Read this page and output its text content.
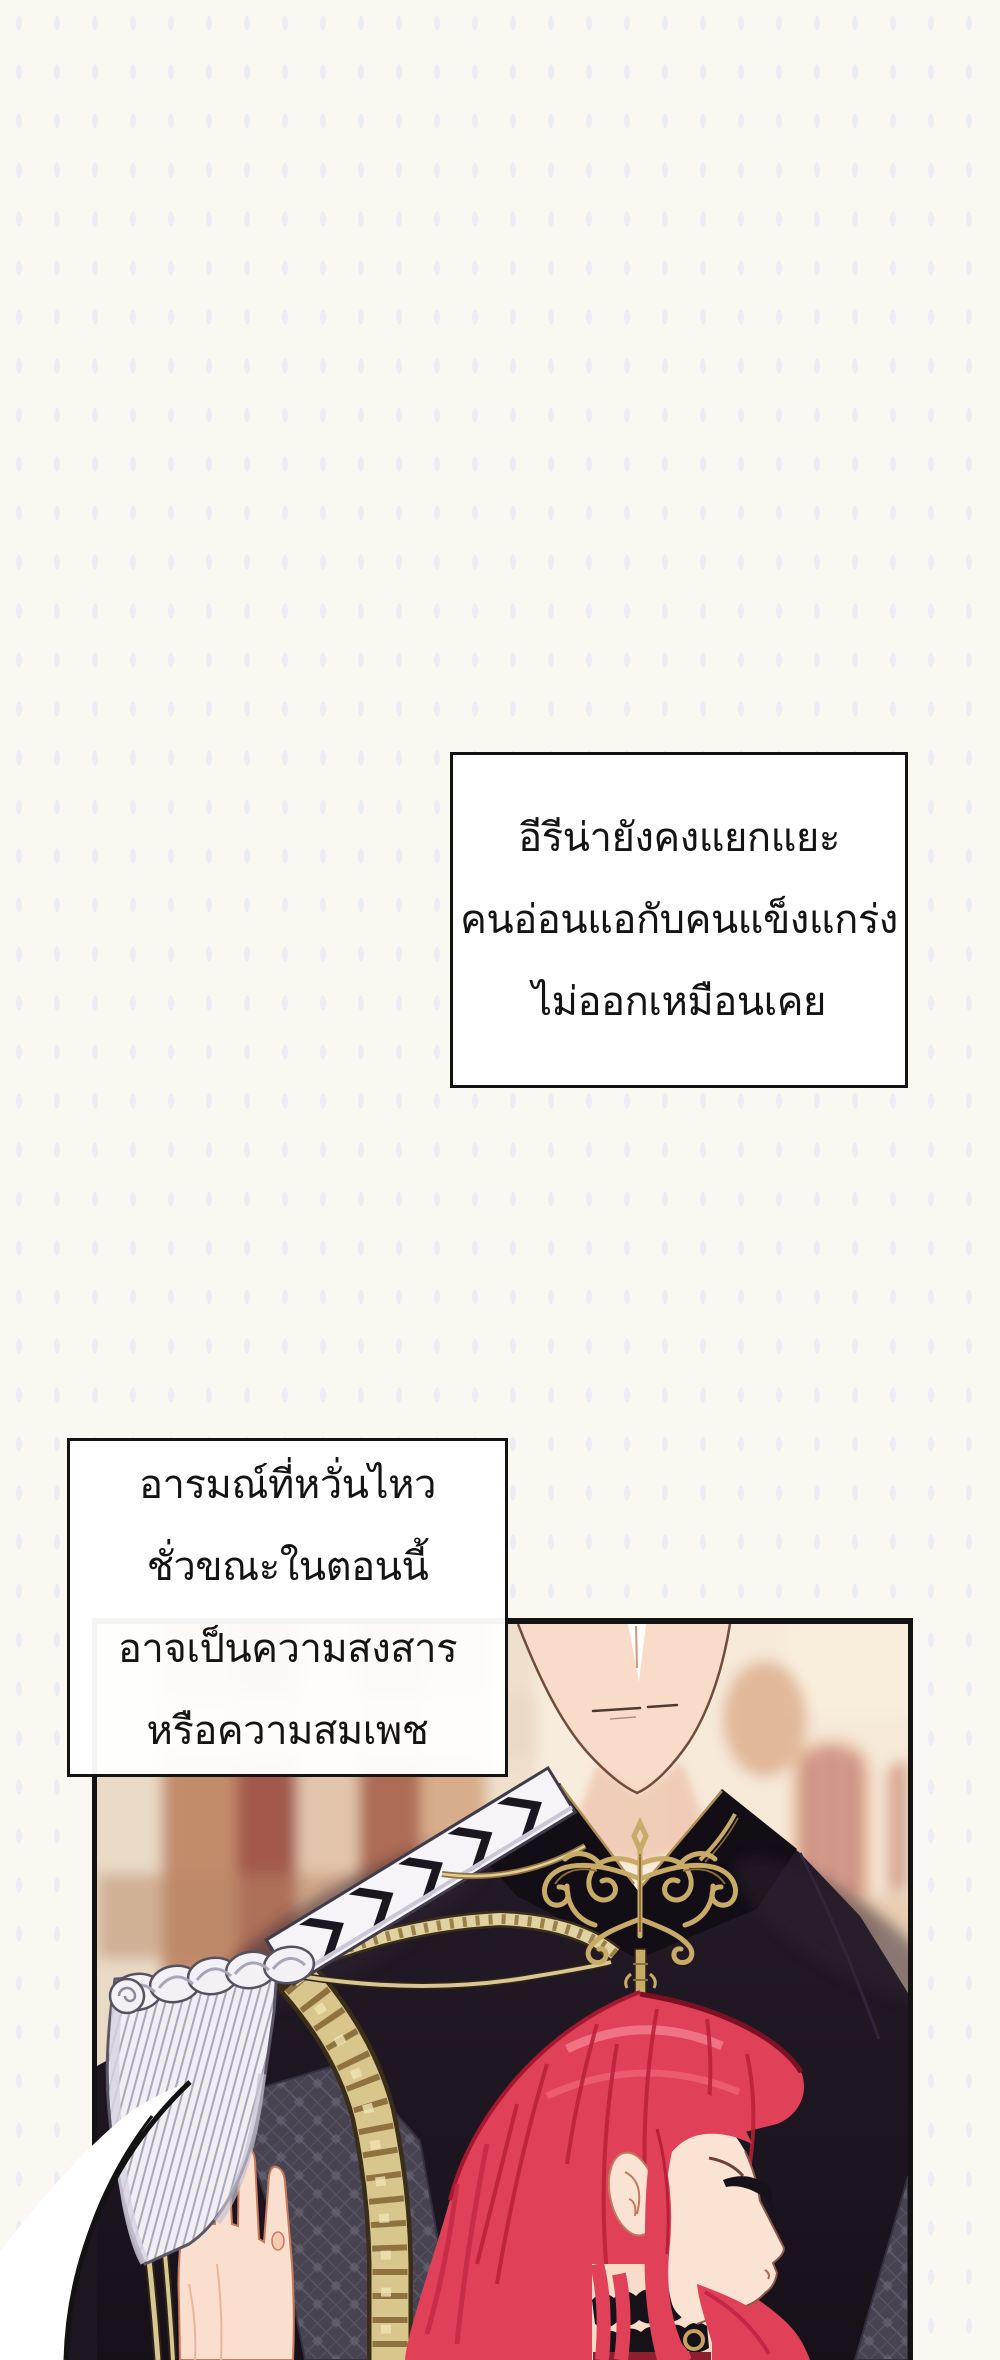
อีรีน่ายังคงแยกแยะ
คนอ่อนแอกับคนแข็งแกร่ง
ไม่ออกเหมือนเคย
อารมณ์ที่หวั่นไหว
ชั่วขณะในตอนนี้
อาจเป็นความสงสาร
หรือความสมเพช
